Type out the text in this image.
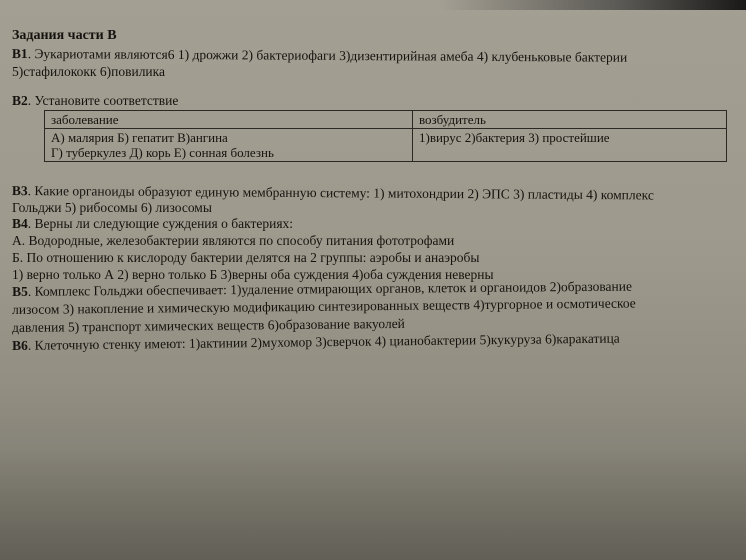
Задания части В
В1. Эукариотами являются6 1) дрожжи 2) бактериофаги 3)дизентирийная амеба 4) клубеньковые бактерии
5)стафилококк 6)повилика
В2. Установите соответствие
заболевание	возбудитель

А) малярия Б) гепатит В)ангина
Г) туберкулез Д) корь Е) сонная болезнь	1)вирус 2)бактерия 3) простейшие
В3. Какие органоиды образуют единую мембранную систему: 1) митохондрии 2) ЭПС 3) пластиды 4) комплекс
Гольджи 5) рибосомы 6) лизосомы
В4. Верны ли следующие суждения о бактериях:
А. Водородные, железобактерии являются по способу питания фототрофами
Б. По отношению к кислороду бактерии делятся на 2 группы: аэробы и анаэробы
1) верно только А 2) верно только Б 3)верны оба суждения 4)оба суждения неверны
В5. Комплекс Гольджи обеспечивает: 1)удаление отмирающих органов, клеток и органоидов 2)образование
лизосом 3) накопление и химическую модификацию синтезированных веществ 4)тургорное и осмотическое
давления 5) транспорт химических веществ 6)образование вакуолей
В6. Клеточную стенку имеют: 1)актинии 2)мухомор 3)сверчок 4) цианобактерии 5)кукуруза 6)каракатица
